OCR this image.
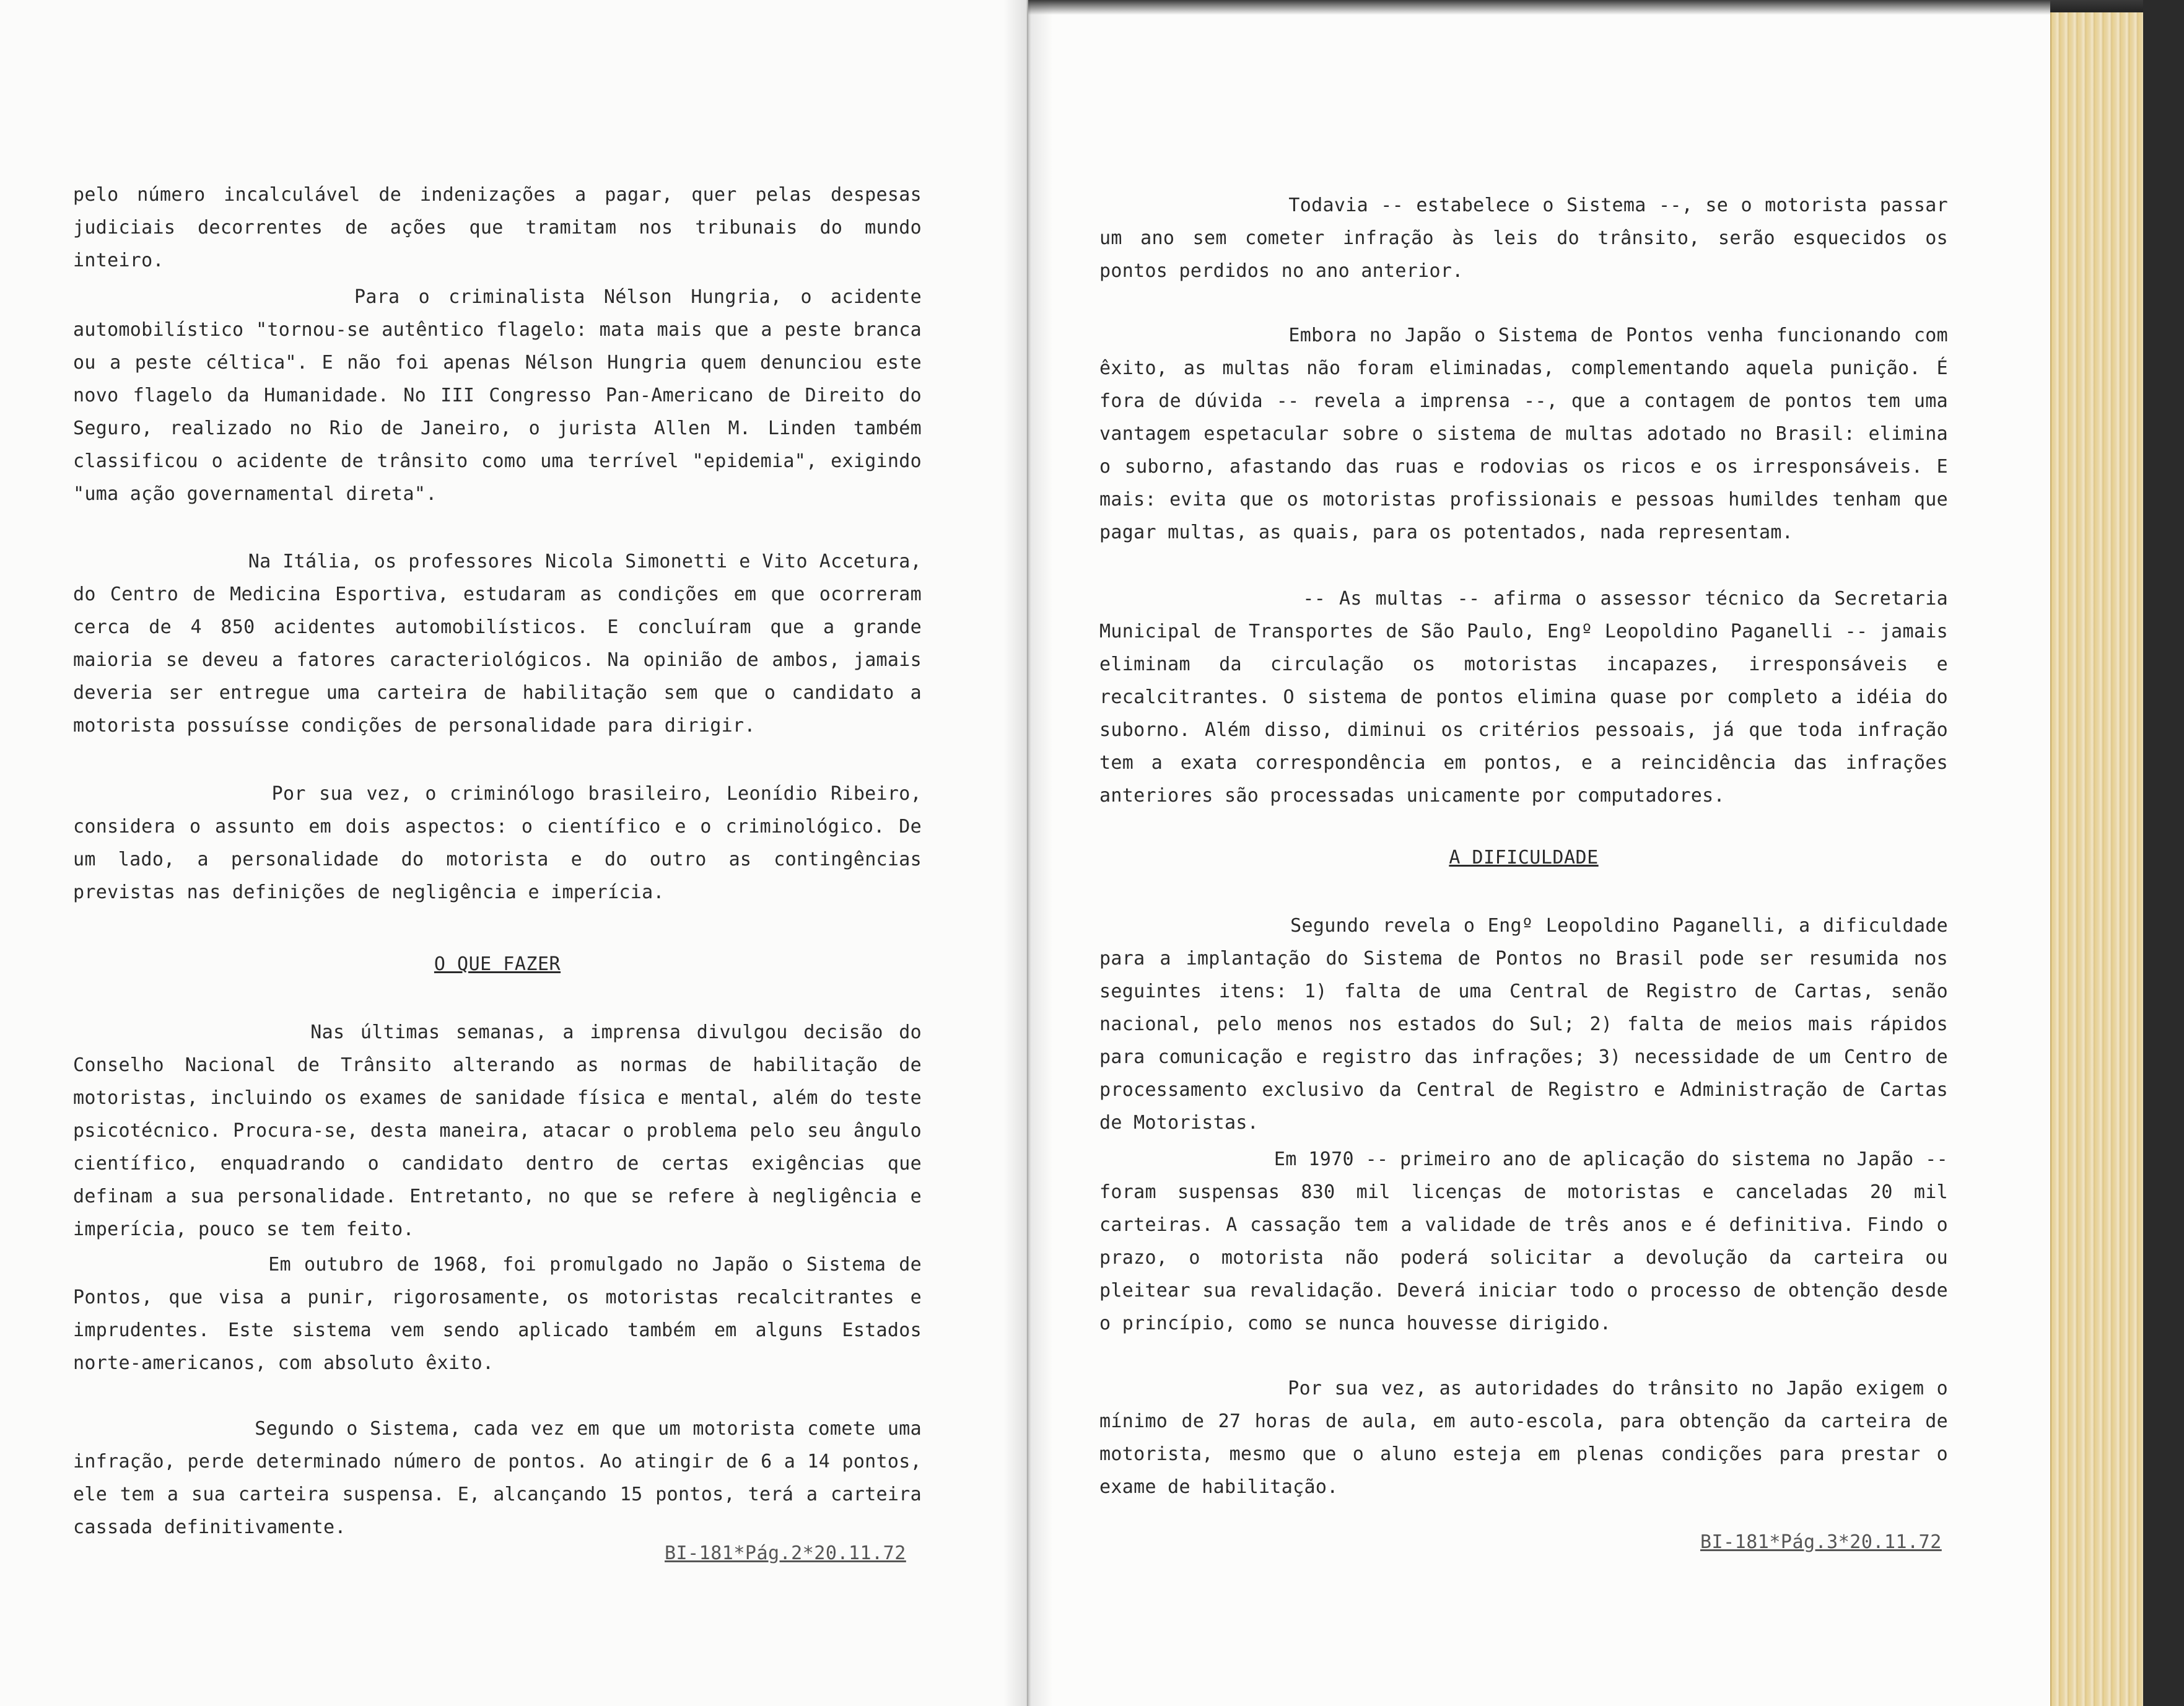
pelo número incalculável de indenizações a pagar, quer pelas despesas judiciais decorrentes de ações que tramitam nos tribunais do mundo inteiro.

Para o criminalista Nélson Hungria, o acidente automobilístico "tornou-se autêntico flagelo: mata mais que a peste branca ou a peste céltica". E não foi apenas Nélson Hungria quem denunciou este novo flagelo da Humanidade. No III Congresso Pan-Americano de Direito do Seguro, realizado no Rio de Janeiro, o jurista Allen M. Linden também classificou o acidente de trânsito como uma terrível "epidemia", exigindo "uma ação governamental direta".

Na Itália, os professores Nicola Simonetti e Vito Accetura, do Centro de Medicina Esportiva, estudaram as condições em que ocorreram cerca de 4 850 acidentes automobilísticos. E concluíram que a grande maioria se deveu a fatores caracteriológicos. Na opinião de ambos, jamais deveria ser entregue uma carteira de habilitação sem que o candidato a motorista possuísse condições de personalidade para dirigir.

Por sua vez, o criminólogo brasileiro, Leonídio Ribeiro, considera o assunto em dois aspectos: o científico e o criminológico. De um lado, a personalidade do motorista e do outro as contingências previstas nas definições de negligência e imperícia.

O QUE FAZER

Nas últimas semanas, a imprensa divulgou decisão do Conselho Nacional de Trânsito alterando as normas de habilitação de motoristas, incluindo os exames de sanidade física e mental, além do teste psicotécnico. Procura-se, desta maneira, atacar o problema pelo seu ângulo científico, enquadrando o candidato dentro de certas exigências que definam a sua personalidade. Entretanto, no que se refere à negligência e imperícia, pouco se tem feito.

Em outubro de 1968, foi promulgado no Japão o Sistema de Pontos, que visa a punir, rigorosamente, os motoristas recalcitrantes e imprudentes. Este sistema vem sendo aplicado também em alguns Estados norte-americanos, com absoluto êxito.

Segundo o Sistema, cada vez em que um motorista comete uma infração, perde determinado número de pontos. Ao atingir de 6 a 14 pontos, ele tem a sua carteira suspensa. E, alcançando 15 pontos, terá a carteira cassada definitivamente.

BI-181*Pág.2*20.11.72

Todavia -- estabelece o Sistema --, se o motorista passar um ano sem cometer infração às leis do trânsito, serão esquecidos os pontos perdidos no ano anterior.

Embora no Japão o Sistema de Pontos venha funcionando com êxito, as multas não foram eliminadas, complementando aquela punição. É fora de dúvida -- revela a imprensa --, que a contagem de pontos tem uma vantagem espetacular sobre o sistema de multas adotado no Brasil: elimina o suborno, afastando das ruas e rodovias os ricos e os irresponsáveis. E mais: evita que os motoristas profissionais e pessoas humildes tenham que pagar multas, as quais, para os potentados, nada representam.

-- As multas -- afirma o assessor técnico da Secretaria Municipal de Transportes de São Paulo, Engº Leopoldino Paganelli -- jamais eliminam da circulação os motoristas incapazes, irresponsáveis e recalcitrantes. O sistema de pontos elimina quase por completo a idéia do suborno. Além disso, diminui os critérios pessoais, já que toda infração tem a exata correspondência em pontos, e a reincidência das infrações anteriores são processadas unicamente por computadores.

A DIFICULDADE

Segundo revela o Engº Leopoldino Paganelli, a dificuldade para a implantação do Sistema de Pontos no Brasil pode ser resumida nos seguintes itens: 1) falta de uma Central de Registro de Cartas, senão nacional, pelo menos nos estados do Sul; 2) falta de meios mais rápidos para comunicação e registro das infrações; 3) necessidade de um Centro de processamento exclusivo da Central de Registro e Administração de Cartas de Motoristas.

Em 1970 -- primeiro ano de aplicação do sistema no Japão -- foram suspensas 830 mil licenças de motoristas e canceladas 20 mil carteiras. A cassação tem a validade de três anos e é definitiva. Findo o prazo, o motorista não poderá solicitar a devolução da carteira ou pleitear sua revalidação. Deverá iniciar todo o processo de obtenção desde o princípio, como se nunca houvesse dirigido.

Por sua vez, as autoridades do trânsito no Japão exigem o mínimo de 27 horas de aula, em auto-escola, para obtenção da carteira de motorista, mesmo que o aluno esteja em plenas condições para prestar o exame de habilitação.

BI-181*Pág.3*20.11.72
